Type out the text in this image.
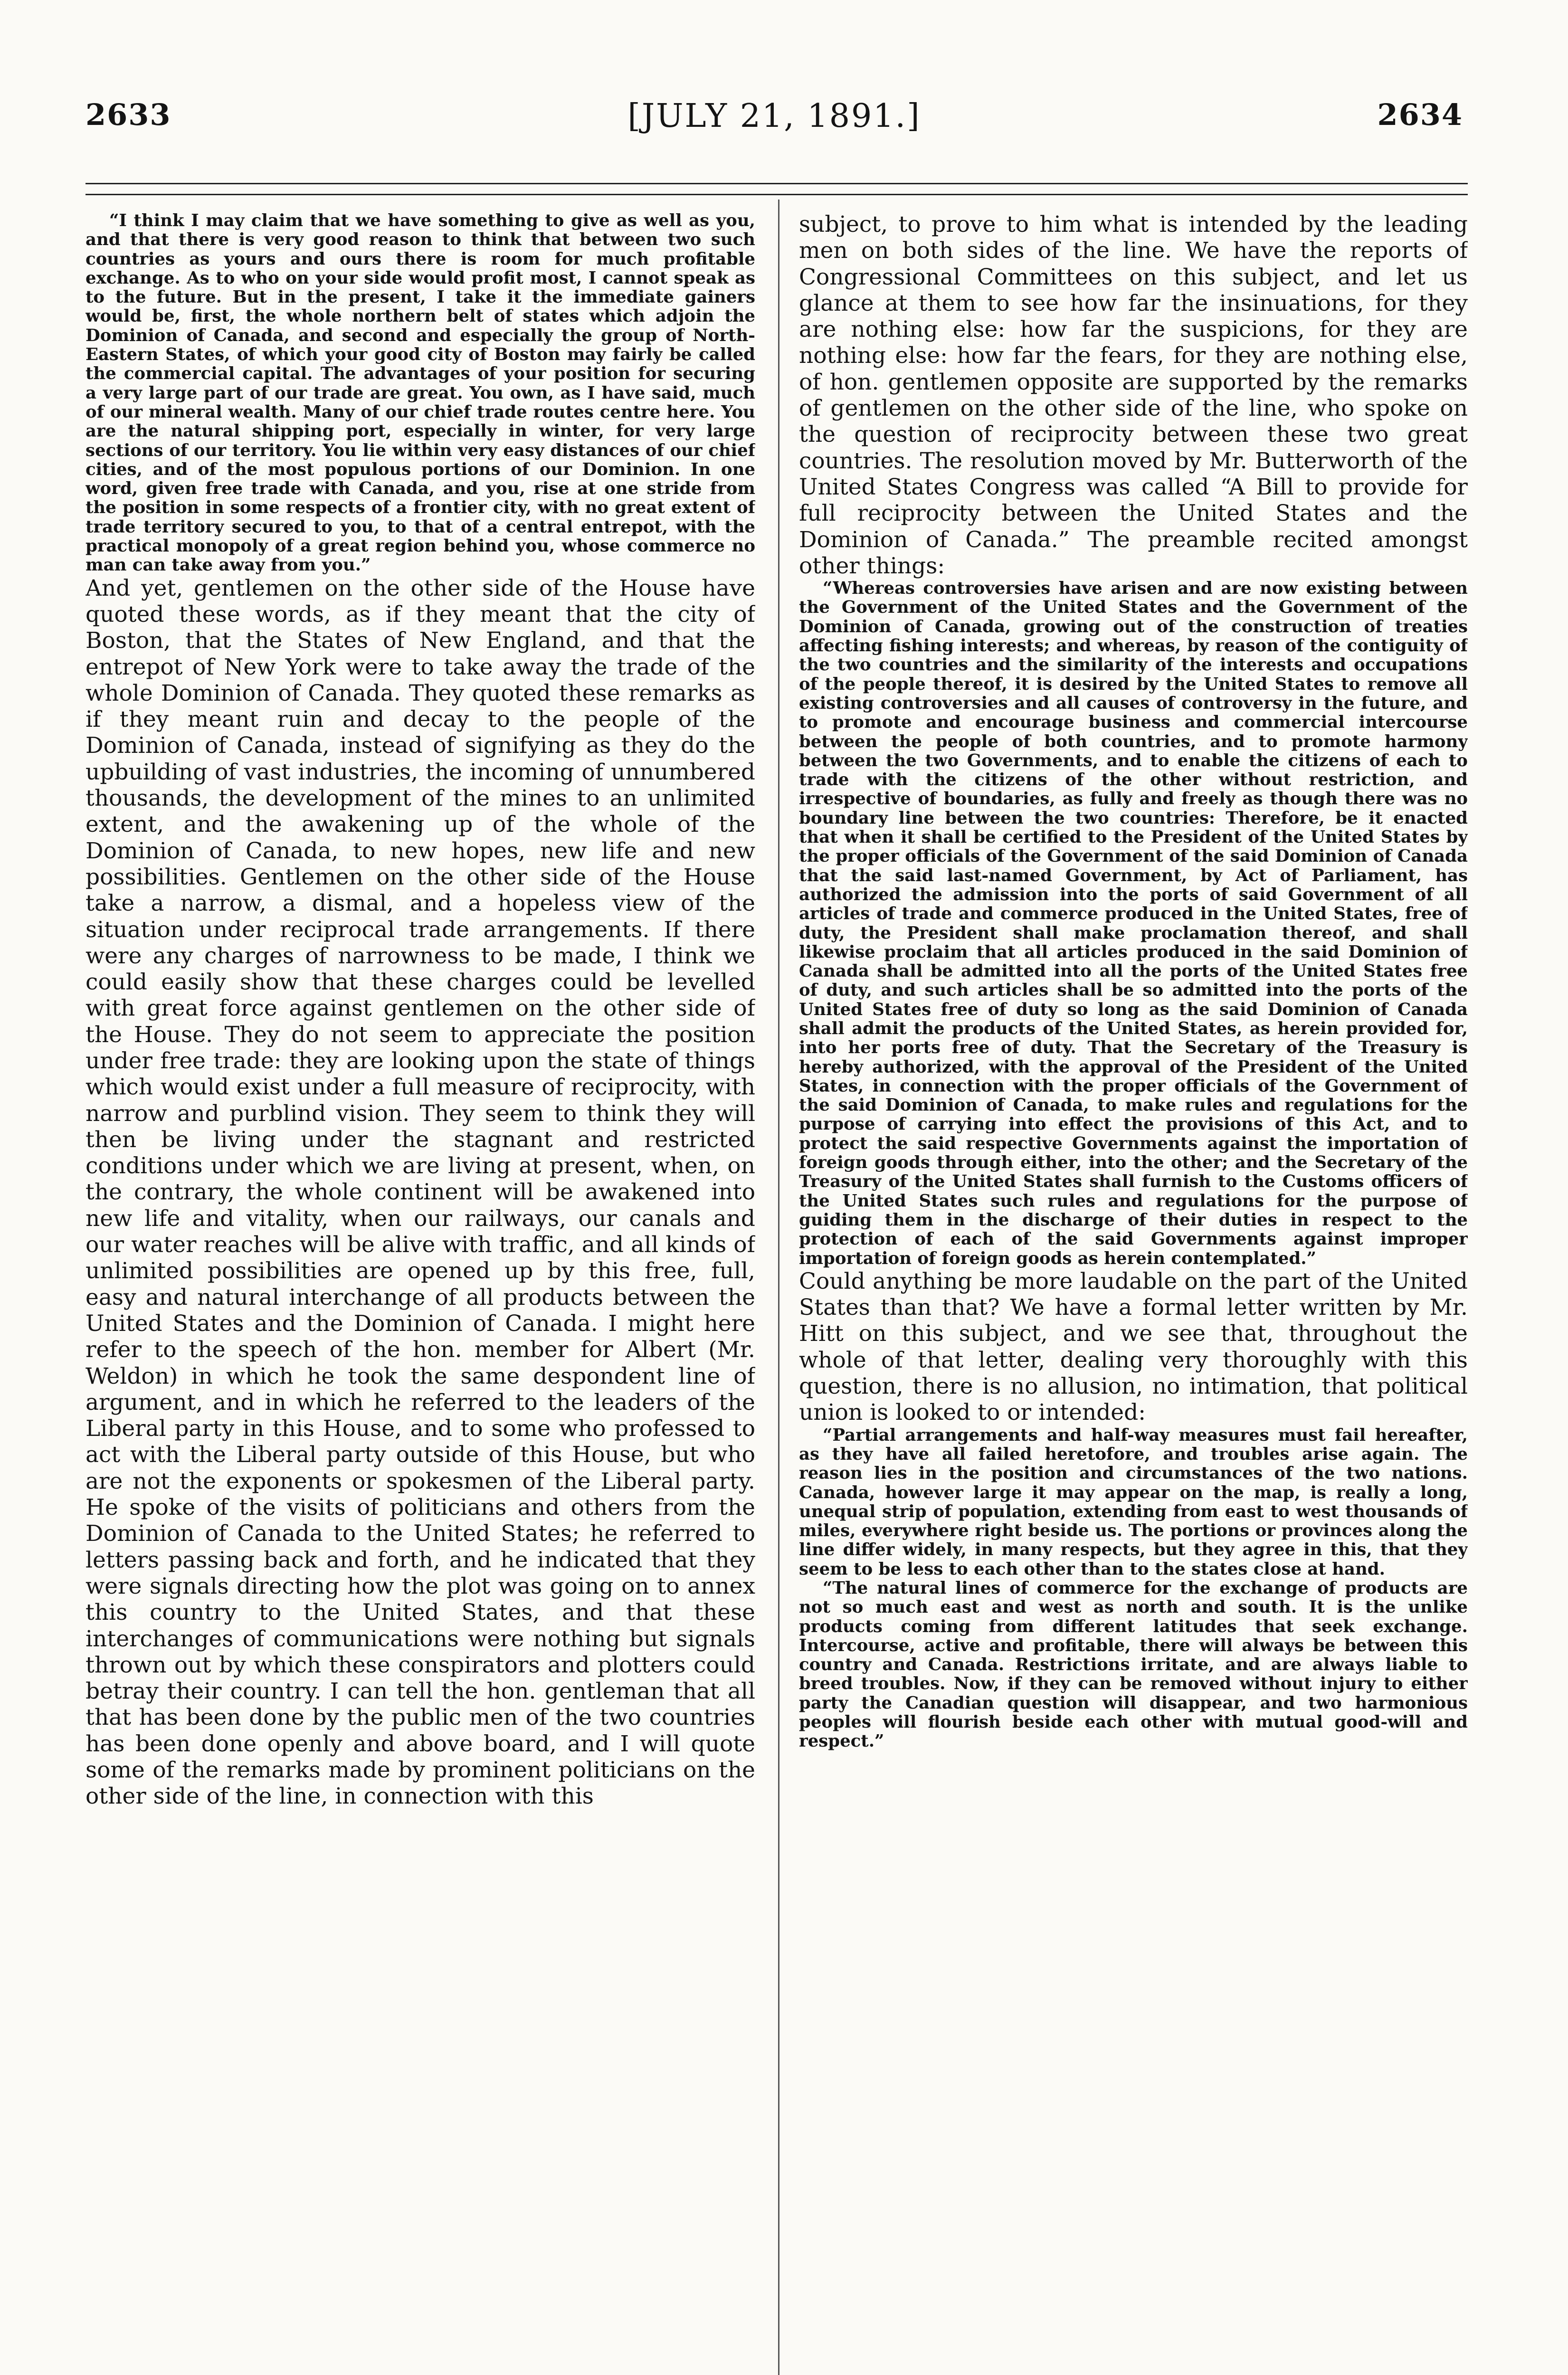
2633	[JULY 21, 1891.]	2634

“I think I may claim that we have something to give as well as you, and that there is very good reason to think that between two such countries as yours and ours there is room for much profitable exchange. As to who on your side would profit most, I cannot speak as to the future. But in the present, I take it the immediate gainers would be, first, the whole northern belt of states which adjoin the Dominion of Canada, and second and especially the group of North-Eastern States, of which your good city of Boston may fairly be called the commercial capital. The advantages of your position for securing a very large part of our trade are great. You own, as I have said, much of our mineral wealth. Many of our chief trade routes centre here. You are the natural shipping port, especially in winter, for very large sections of our territory. You lie within very easy distances of our chief cities, and of the most populous portions of our Dominion. In one word, given free trade with Canada, and you, rise at one stride from the position in some respects of a frontier city, with no great extent of trade territory secured to you, to that of a central entrepot, with the practical monopoly of a great region behind you, whose commerce no man can take away from you.”

And yet, gentlemen on the other side of the House have quoted these words, as if they meant that the city of Boston, that the States of New England, and that the entrepot of New York were to take away the trade of the whole Dominion of Canada. They quoted these remarks as if they meant ruin and decay to the people of the Dominion of Canada, instead of signifying as they do the upbuilding of vast industries, the incoming of unnumbered thousands, the development of the mines to an unlimited extent, and the awakening up of the whole of the Dominion of Canada, to new hopes, new life and new possibilities. Gentlemen on the other side of the House take a narrow, a dismal, and a hopeless view of the situation under reciprocal trade arrangements. If there were any charges of narrowness to be made, I think we could easily show that these charges could be levelled with great force against gentlemen on the other side of the House. They do not seem to appreciate the position under free trade: they are looking upon the state of things which would exist under a full measure of reciprocity, with narrow and purblind vision. They seem to think they will then be living under the stagnant and restricted conditions under which we are living at present, when, on the contrary, the whole continent will be awakened into new life and vitality, when our railways, our canals and our water reaches will be alive with traffic, and all kinds of unlimited possibilities are opened up by this free, full, easy and natural interchange of all products between the United States and the Dominion of Canada. I might here refer to the speech of the hon. member for Albert (Mr. Weldon) in which he took the same despondent line of argument, and in which he referred to the leaders of the Liberal party in this House, and to some who professed to act with the Liberal party outside of this House, but who are not the exponents or spokesmen of the Liberal party. He spoke of the visits of politicians and others from the Dominion of Canada to the United States; he referred to letters passing back and forth, and he indicated that they were signals directing how the plot was going on to annex this country to the United States, and that these interchanges of communications were nothing but signals thrown out by which these conspirators and plotters could betray their country. I can tell the hon. gentleman that all that has been done by the public men of the two countries has been done openly and above board, and I will quote some of the remarks made by prominent politicians on the other side of the line, in connection with this

subject, to prove to him what is intended by the leading men on both sides of the line. We have the reports of Congressional Committees on this subject, and let us glance at them to see how far the insinuations, for they are nothing else: how far the suspicions, for they are nothing else: how far the fears, for they are nothing else, of hon. gentlemen opposite are supported by the remarks of gentlemen on the other side of the line, who spoke on the question of reciprocity between these two great countries. The resolution moved by Mr. Butterworth of the United States Congress was called “A Bill to provide for full reciprocity between the United States and the Dominion of Canada.” The preamble recited amongst other things:

“Whereas controversies have arisen and are now existing between the Government of the United States and the Government of the Dominion of Canada, growing out of the construction of treaties affecting fishing interests; and whereas, by reason of the contiguity of the two countries and the similarity of the interests and occupations of the people thereof, it is desired by the United States to remove all existing controversies and all causes of controversy in the future, and to promote and encourage business and commercial intercourse between the people of both countries, and to promote harmony between the two Governments, and to enable the citizens of each to trade with the citizens of the other without restriction, and irrespective of boundaries, as fully and freely as though there was no boundary line between the two countries: Therefore, be it enacted that when it shall be certified to the President of the United States by the proper officials of the Government of the said Dominion of Canada that the said last-named Government, by Act of Parliament, has authorized the admission into the ports of said Government of all articles of trade and commerce produced in the United States, free of duty, the President shall make proclamation thereof, and shall likewise proclaim that all articles produced in the said Dominion of Canada shall be admitted into all the ports of the United States free of duty, and such articles shall be so admitted into the ports of the United States free of duty so long as the said Dominion of Canada shall admit the products of the United States, as herein provided for, into her ports free of duty. That the Secretary of the Treasury is hereby authorized, with the approval of the President of the United States, in connection with the proper officials of the Government of the said Dominion of Canada, to make rules and regulations for the purpose of carrying into effect the provisions of this Act, and to protect the said respective Governments against the importation of foreign goods through either, into the other; and the Secretary of the Treasury of the United States shall furnish to the Customs officers of the United States such rules and regulations for the purpose of guiding them in the discharge of their duties in respect to the protection of each of the said Governments against improper importation of foreign goods as herein contemplated.”

Could anything be more laudable on the part of the United States than that? We have a formal letter written by Mr. Hitt on this subject, and we see that, throughout the whole of that letter, dealing very thoroughly with this question, there is no allusion, no intimation, that political union is looked to or intended:

“Partial arrangements and half-way measures must fail hereafter, as they have all failed heretofore, and troubles arise again. The reason lies in the position and circumstances of the two nations. Canada, however large it may appear on the map, is really a long, unequal strip of population, extending from east to west thousands of miles, everywhere right beside us. The portions or provinces along the line differ widely, in many respects, but they agree in this, that they seem to be less to each other than to the states close at hand.

“The natural lines of commerce for the exchange of products are not so much east and west as north and south. It is the unlike products coming from different latitudes that seek exchange. Intercourse, active and profitable, there will always be between this country and Canada. Restrictions irritate, and are always liable to breed troubles. Now, if they can be removed without injury to either party the Canadian question will disappear, and two harmonious peoples will flourish beside each other with mutual good-will and respect.”
